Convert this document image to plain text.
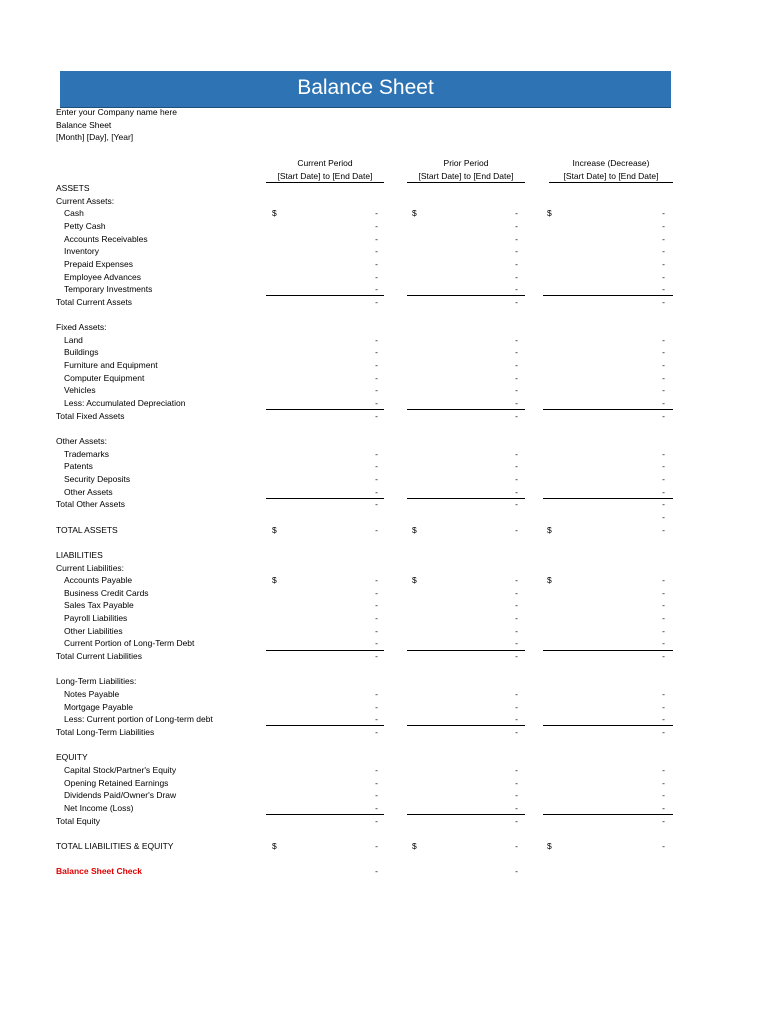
Balance Sheet
Enter your Company name here
Balance Sheet
[Month] [Day], [Year]
Current Period
[Start Date] to [End Date]
Prior Period
[Start Date] to [End Date]
Increase (Decrease)
[Start Date] to [End Date]
ASSETS
Current Assets:
Cash	$	-	$	-	$	-
Petty Cash	-	-	-
Accounts Receivables	-	-	-
Inventory	-	-	-
Prepaid Expenses	-	-	-
Employee Advances	-	-	-
Temporary Investments	-	-	-
Total Current Assets	-	-	-
Fixed Assets:
Land	-	-	-
Buildings	-	-	-
Furniture and Equipment	-	-	-
Computer Equipment	-	-	-
Vehicles	-	-	-
Less: Accumulated Depreciation	-	-	-
Total Fixed Assets	-	-	-
Other Assets:
Trademarks	-	-	-
Patents	-	-	-
Security Deposits	-	-	-
Other Assets	-	-	-
Total Other Assets	-	-	-
-
TOTAL ASSETS	$	-	$	-	$	-
LIABILITIES
Current Liabilities:
Accounts Payable	$	-	$	-	$	-
Business Credit Cards	-	-	-
Sales Tax Payable	-	-	-
Payroll Liabilities	-	-	-
Other Liabilities	-	-	-
Current Portion of Long-Term Debt	-	-	-
Total Current Liabilities	-	-	-
Long-Term Liabilities:
Notes Payable	-	-	-
Mortgage Payable	-	-	-
Less: Current portion of Long-term debt	-	-	-
Total Long-Term Liabilities	-	-	-
EQUITY
Capital Stock/Partner's Equity	-	-	-
Opening Retained Earnings	-	-	-
Dividends Paid/Owner's Draw	-	-	-
Net Income (Loss)	-	-	-
Total Equity	-	-	-
TOTAL LIABILITIES & EQUITY	$	-	$	-	$	-
Balance Sheet Check	-	-
